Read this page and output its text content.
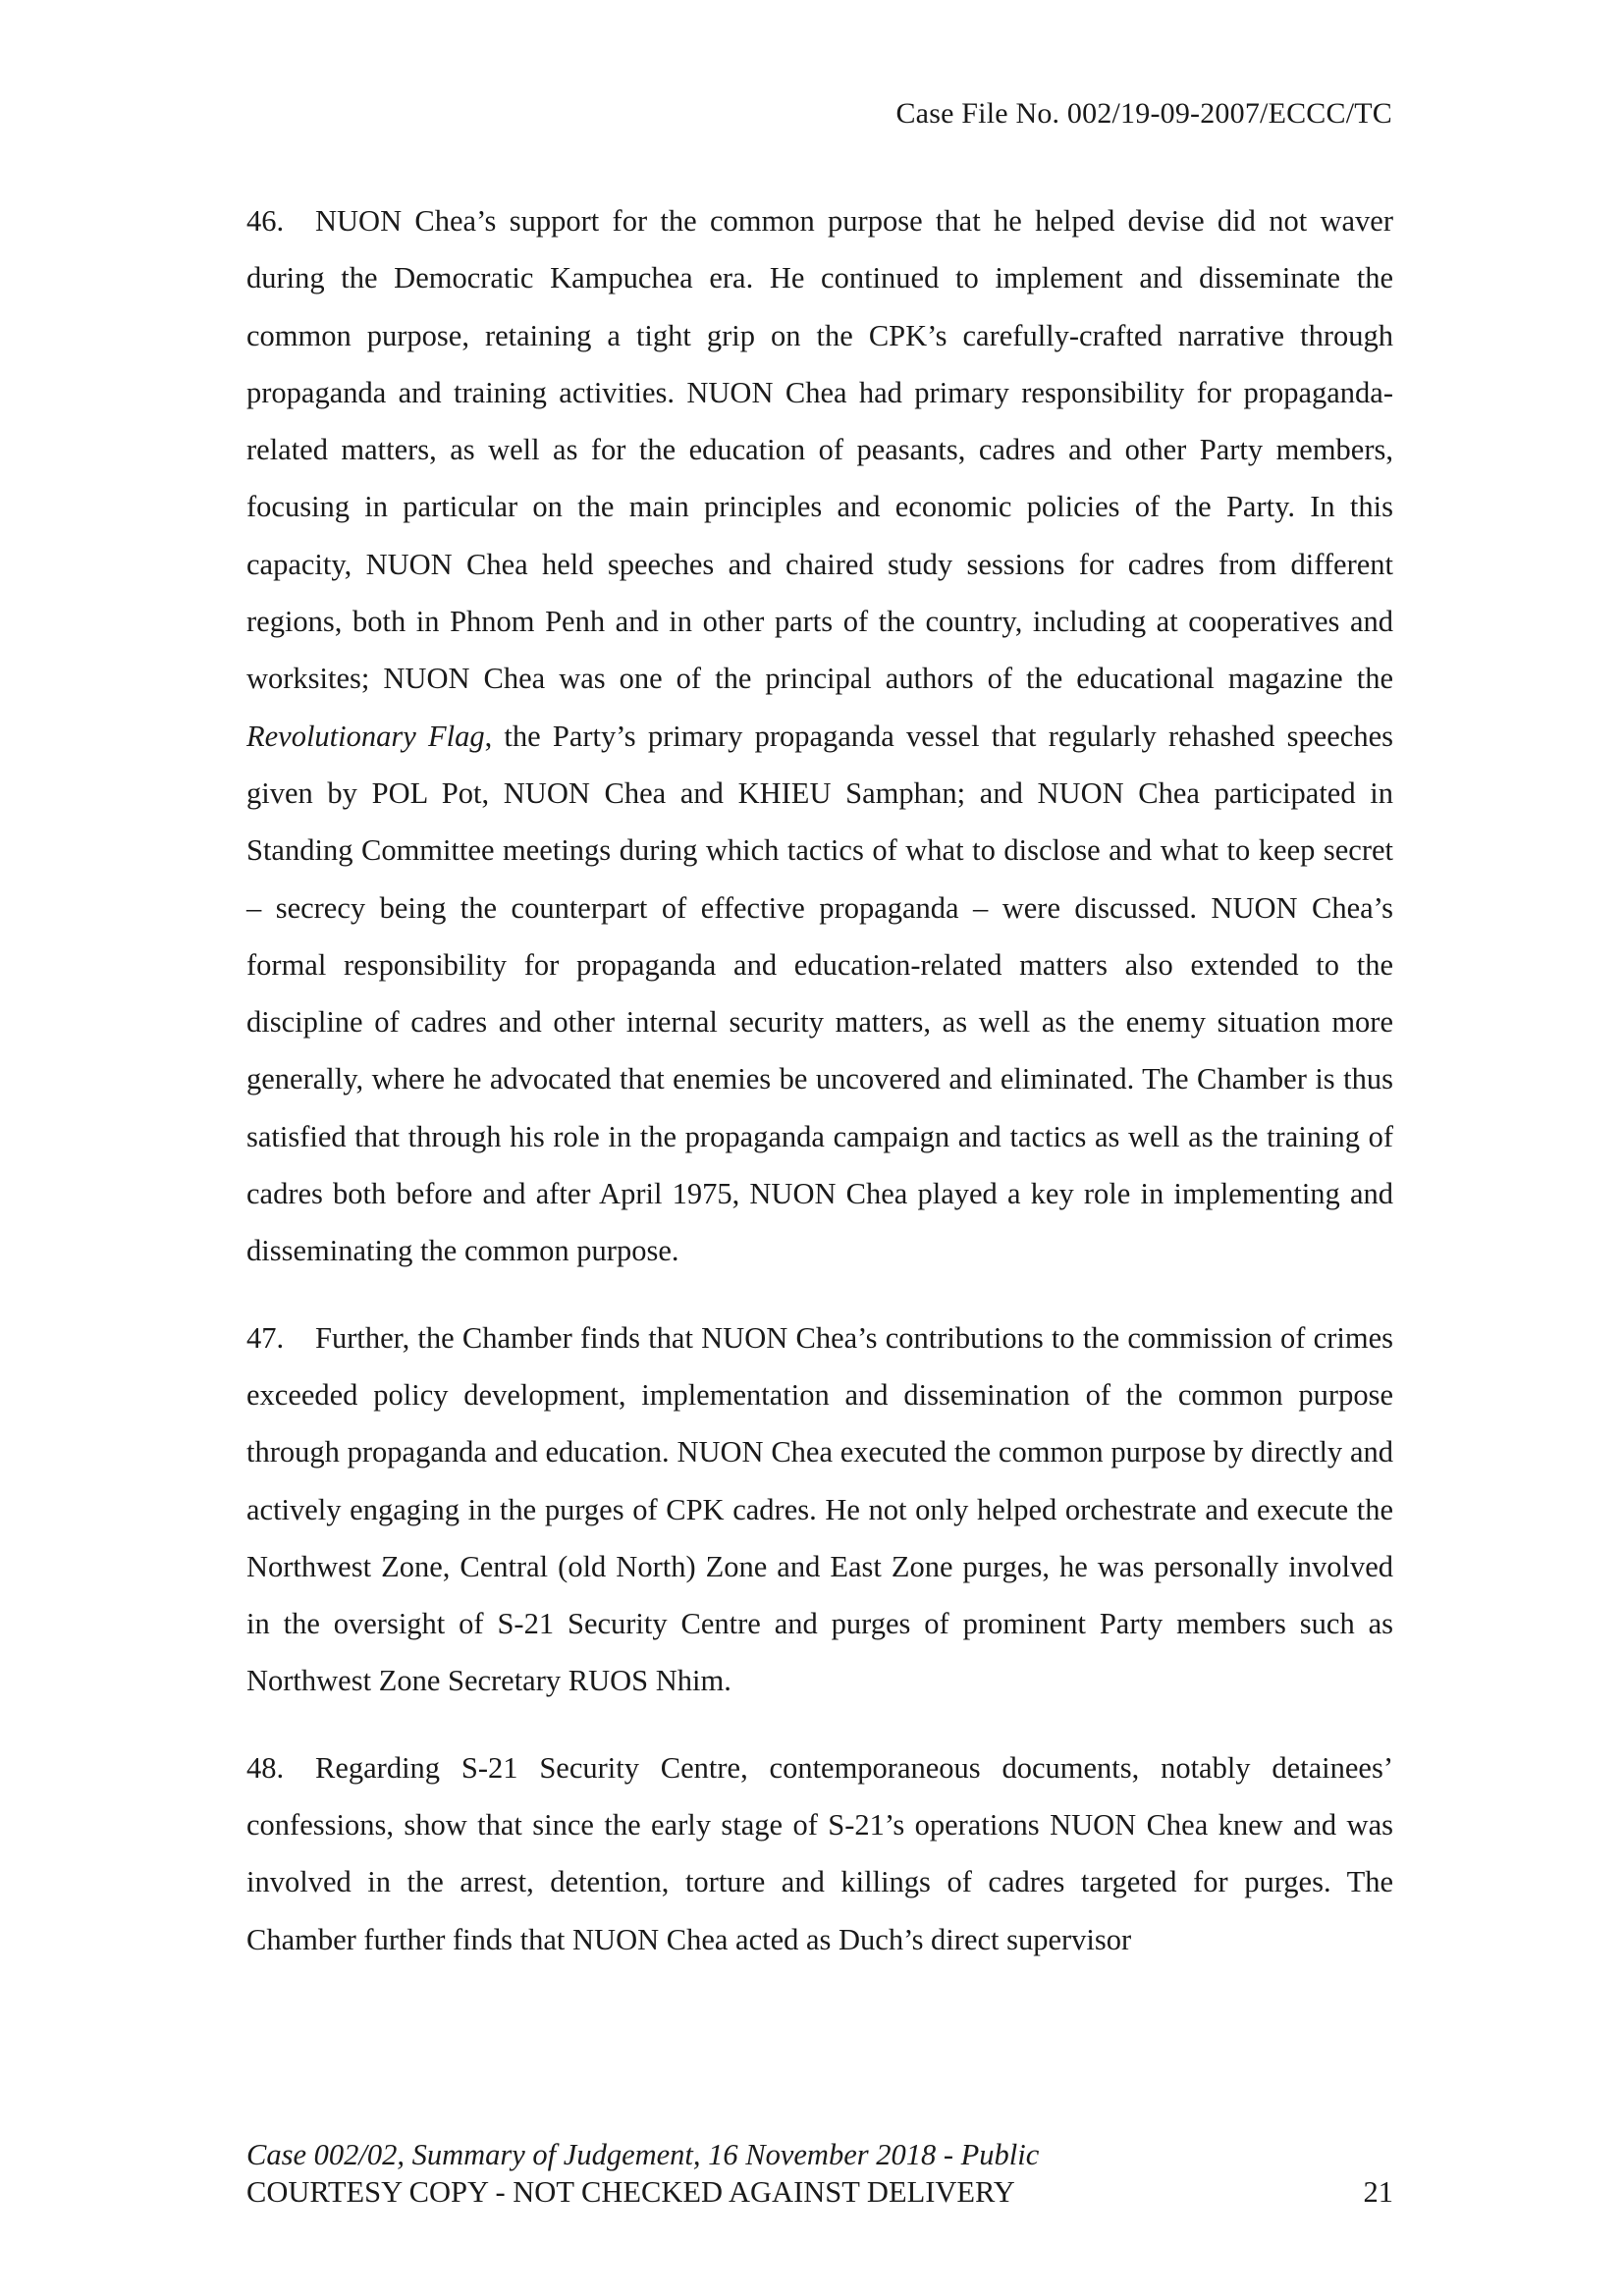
Case File No. 002/19-09-2007/ECCC/TC

46. NUON Chea’s support for the common purpose that he helped devise did not waver during the Democratic Kampuchea era. He continued to implement and disseminate the common purpose, retaining a tight grip on the CPK’s carefully-crafted narrative through propaganda and training activities. NUON Chea had primary responsibility for propaganda-related matters, as well as for the education of peasants, cadres and other Party members, focusing in particular on the main principles and economic policies of the Party. In this capacity, NUON Chea held speeches and chaired study sessions for cadres from different regions, both in Phnom Penh and in other parts of the country, including at cooperatives and worksites; NUON Chea was one of the principal authors of the educational magazine the Revolutionary Flag, the Party’s primary propaganda vessel that regularly rehashed speeches given by POL Pot, NUON Chea and KHIEU Samphan; and NUON Chea participated in Standing Committee meetings during which tactics of what to disclose and what to keep secret – secrecy being the counterpart of effective propaganda – were discussed. NUON Chea’s formal responsibility for propaganda and education-related matters also extended to the discipline of cadres and other internal security matters, as well as the enemy situation more generally, where he advocated that enemies be uncovered and eliminated. The Chamber is thus satisfied that through his role in the propaganda campaign and tactics as well as the training of cadres both before and after April 1975, NUON Chea played a key role in implementing and disseminating the common purpose.

47. Further, the Chamber finds that NUON Chea’s contributions to the commission of crimes exceeded policy development, implementation and dissemination of the common purpose through propaganda and education. NUON Chea executed the common purpose by directly and actively engaging in the purges of CPK cadres. He not only helped orchestrate and execute the Northwest Zone, Central (old North) Zone and East Zone purges, he was personally involved in the oversight of S-21 Security Centre and purges of prominent Party members such as Northwest Zone Secretary RUOS Nhim.

48. Regarding S-21 Security Centre, contemporaneous documents, notably detainees’ confessions, show that since the early stage of S-21’s operations NUON Chea knew and was involved in the arrest, detention, torture and killings of cadres targeted for purges. The Chamber further finds that NUON Chea acted as Duch’s direct supervisor

Case 002/02, Summary of Judgement, 16 November 2018 - Public
COURTESY COPY - NOT CHECKED AGAINST DELIVERY	21
